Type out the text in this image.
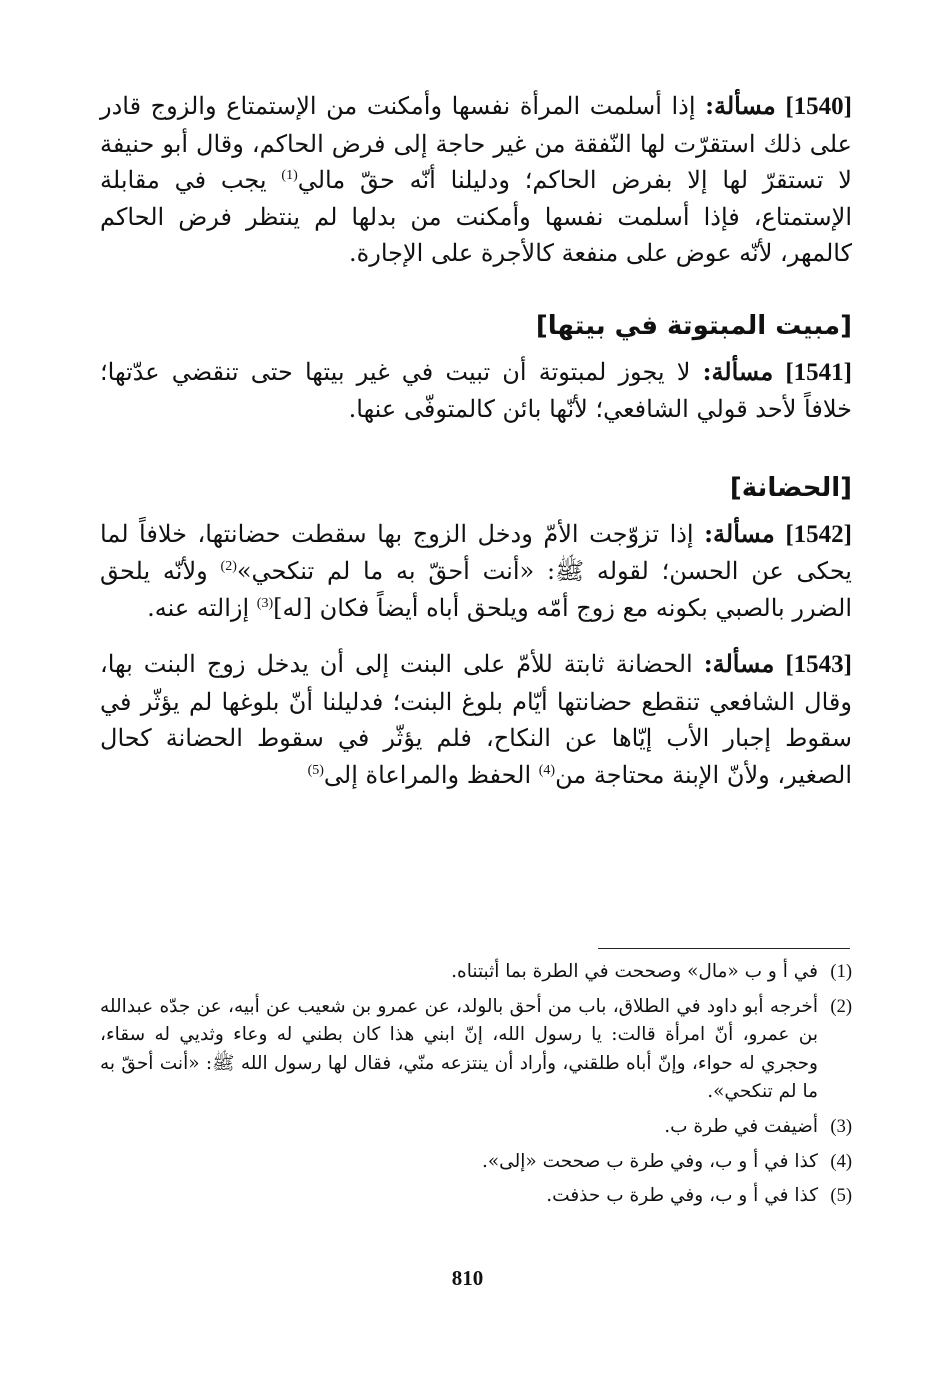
[1540] مسألة: إذا أسلمت المرأة نفسها وأمكنت من الإستمتاع والزوج قادر على ذلك استقرّت لها النّفقة من غير حاجة إلى فرض الحاكم، وقال أبو حنيفة لا تستقرّ لها إلا بفرض الحاكم؛ ودليلنا أنّه حقّ مالي$^{(1)}$ يجب في مقابلة الإستمتاع، فإذا أسلمت نفسها وأمكنت من بدلها لم ينتظر فرض الحاكم كالمهر، لأنّه عوض على منفعة كالأجرة على الإجارة.

[مبيت المبتوتة في بيتها]

[1541] مسألة: لا يجوز لمبتوتة أن تبيت في غير بيتها حتى تنقضي عدّتها؛ خلافاً لأحد قولي الشافعي؛ لأنّها بائن كالمتوفّى عنها.

[الحضانة]

[1542] مسألة: إذا تزوّجت الأمّ ودخل الزوج بها سقطت حضانتها، خلافاً لما يحكى عن الحسن؛ لقوله ﷺ: «أنت أحقّ به ما لم تنكحي»$^{(2)}$ ولأنّه يلحق الضرر بالصبي بكونه مع زوج أمّه ويلحق أباه أيضاً فكان [له]$^{(3)}$ إزالته عنه.

[1543] مسألة: الحضانة ثابتة للأمّ على البنت إلى أن يدخل زوج البنت بها، وقال الشافعي تنقطع حضانتها أيّام بلوغ البنت؛ فدليلنا أنّ بلوغها لم يؤثّر في سقوط إجبار الأب إيّاها عن النكاح، فلم يؤثّر في سقوط الحضانة كحال الصغير، ولأنّ الإبنة محتاجة من$^{(4)}$ الحفظ والمراعاة إلى$^{(5)}$

(1)
في أ و ب «مال» وصححت في الطرة بما أثبتناه.
(2)
أخرجه أبو داود في الطلاق، باب من أحق بالولد، عن عمرو بن شعيب عن أبيه، عن جدّه عبدالله بن عمرو، أنّ امرأة قالت: يا رسول الله، إنّ ابني هذا كان بطني له وعاء وثديي له سقاء، وحجري له حواء، وإنّ أباه طلقني، وأراد أن ينتزعه منّي، فقال لها رسول الله ﷺ: «أنت أحقّ به ما لم تنكحي».
(3)
أضيفت في طرة ب.
(4)
كذا في أ و ب، وفي طرة ب صححت «إلى».
(5)
كذا في أ و ب، وفي طرة ب حذفت.
810
